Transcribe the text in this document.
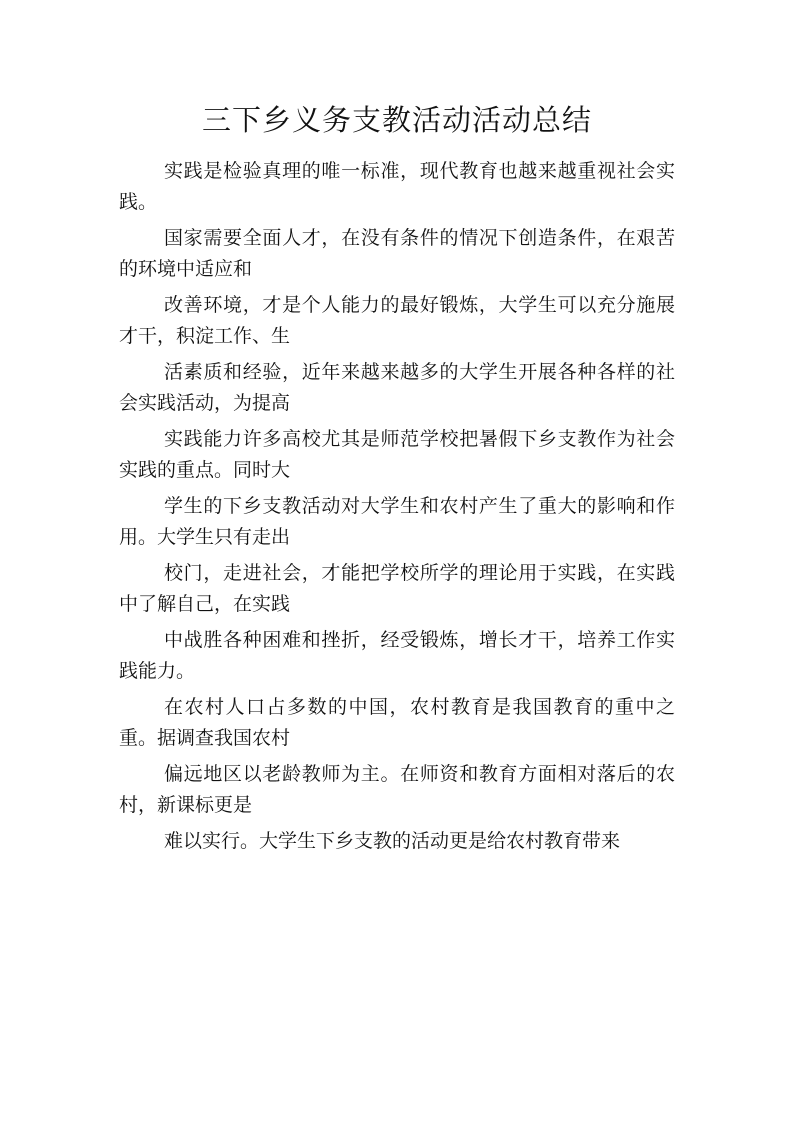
三下乡义务支教活动活动总结

实践是检验真理的唯一标准，现代教育也越来越重视社会实践。

国家需要全面人才，在没有条件的情况下创造条件，在艰苦的环境中适应和

改善环境，才是个人能力的最好锻炼，大学生可以充分施展才干，积淀工作、生

活素质和经验，近年来越来越多的大学生开展各种各样的社会实践活动，为提高

实践能力许多高校尤其是师范学校把暑假下乡支教作为社会实践的重点。同时大

学生的下乡支教活动对大学生和农村产生了重大的影响和作用。大学生只有走出

校门，走进社会，才能把学校所学的理论用于实践，在实践中了解自己，在实践

中战胜各种困难和挫折，经受锻炼，增长才干，培养工作实践能力。

在农村人口占多数的中国，农村教育是我国教育的重中之重。据调查我国农村

偏远地区以老龄教师为主。在师资和教育方面相对落后的农村，新课标更是

难以实行。大学生下乡支教的活动更是给农村教育带来
